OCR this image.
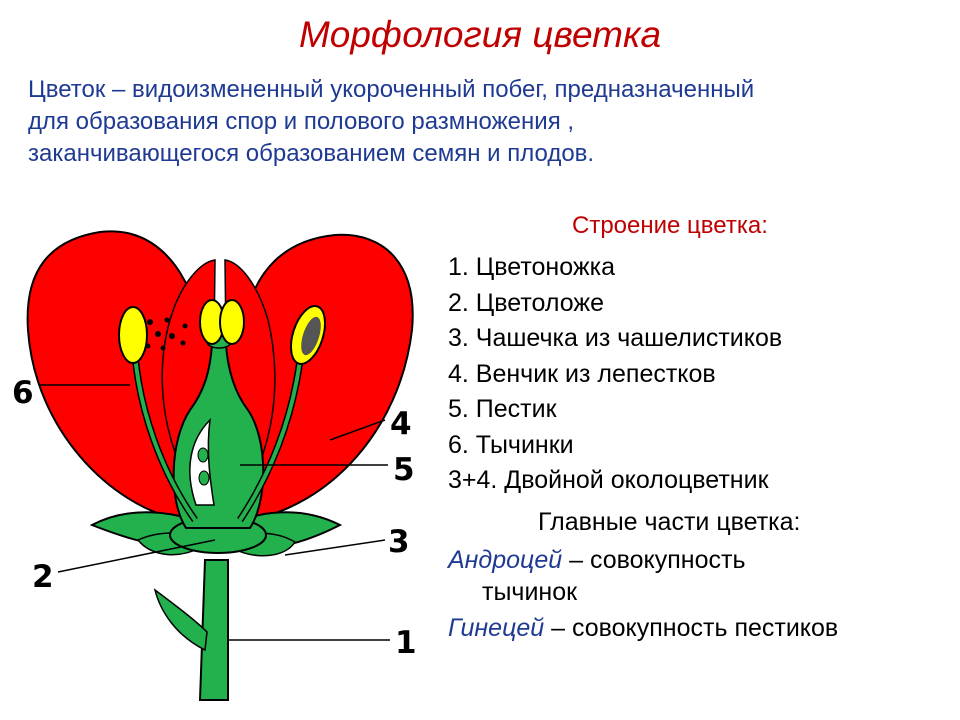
Морфология цветка
Цветок – видоизмененный укороченный побег, предназначенный
для образования спор и полового размножения ,
заканчивающегося образованием семян и плодов.
1
2
3
4
5
6
Строение цветка:
1. Цветоножка
2. Цветоложе
3. Чашечка из чашелистиков
4. Венчик из лепестков
5. Пестик
6. Тычинки
3+4. Двойной околоцветник
Главные части цветка:
Андроцей – совокупность
тычинок
Гинецей – совокупность пестиков
